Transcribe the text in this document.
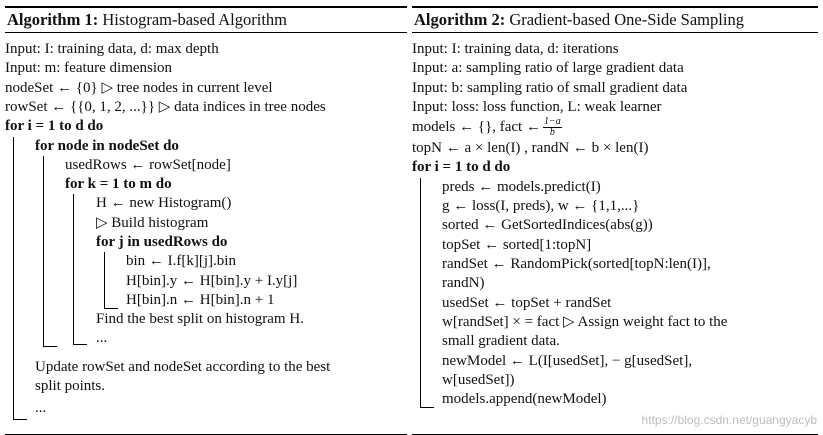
Algorithm 1: Histogram-based Algorithm
Input: I: training data, d: max depth
Input: m: feature dimension
nodeSet ← {0} ▷ tree nodes in current level
rowSet ← {{0, 1, 2, ...}} ▷ data indices in tree nodes
for i = 1 to d do
for node in nodeSet do
usedRows ← rowSet[node]
for k = 1 to m do
H ← new Histogram()
▷ Build histogram
for j in usedRows do
bin ← I.f[k][j].bin
H[bin].y ← H[bin].y + I.y[j]
H[bin].n ← H[bin].n + 1
Find the best split on histogram H.
...
Update rowSet and nodeSet according to the best
split points.
...
Algorithm 2: Gradient-based One-Side Sampling
Input: I: training data, d: iterations
Input: a: sampling ratio of large gradient data
Input: b: sampling ratio of small gradient data
Input: loss: loss function, L: weak learner
models ← {}, fact ← $\frac{1-a}{b}$
topN ← a × len(I) , randN ← b × len(I)
for i = 1 to d do
preds ← models.predict(I)
g ← loss(I, preds), w ← {1,1,...}
sorted ← GetSortedIndices(abs(g))
topSet ← sorted[1:topN]
randSet ← RandomPick(sorted[topN:len(I)],
randN)
usedSet ← topSet + randSet
w[randSet] × = fact ▷ Assign weight fact to the
small gradient data.
newModel ← L(I[usedSet], − g[usedSet],
w[usedSet])
models.append(newModel)
https://blog.csdn.net/guangyacyb
